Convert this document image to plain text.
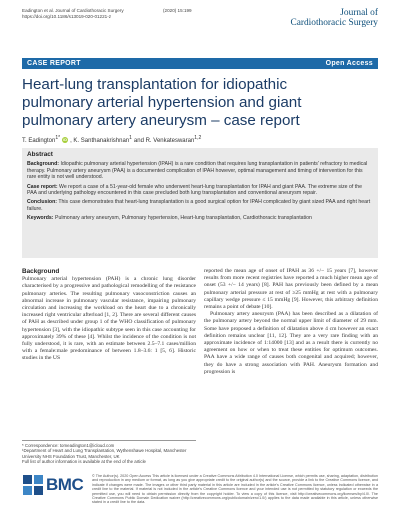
Eadington et al. Journal of Cardiothoracic Surgery
https://doi.org/10.1186/s13019-020-01221-z
(2020) 15:199	Journal of
Cardiothoracic Surgery
CASE REPORT	Open Access
Heart-lung transplantation for idiopathic pulmonary arterial hypertension and giant pulmonary artery aneurysm – case report
T. Eadington$^{1*}$ iD , K. Santhanakrishnan$^1$ and R. Venkateswaran$^{1,2}$
Abstract

Background: Idiopathic pulmonary arterial hypertension (IPAH) is a rare condition that requires lung transplantation in patients' refractory to medical therapy. Pulmonary artery aneurysm (PAA) is a documented complication of IPAH however, optimal management and timing of intervention for this rare entity is not well understood.

Case report: We report a case of a 51-year-old female who underwent heart-lung transplantation for IPAH and giant PAA. The extreme size of the PAA and underlying pathology encountered in this case precluded both lung transplantation and conventional aneurysm repair.

Conclusion: This case demonstrates that heart-lung transplantation is a good surgical option for IPAH complicated by giant sized PAA and right heart failure.

Keywords: Pulmonary artery aneurysm, Pulmonary hypertension, Heart-lung transplantation, Cardiothoracic transplantation

Background

Pulmonary arterial hypertension (PAH) is a chronic lung disorder characterised by a progressive and pathological remodelling of the resistance pulmonary arteries. The resulting pulmonary vasoconstriction causes an abnormal increase in pulmonary vascular resistance, impairing pulmonary circulation and increasing the workload on the heart due to a chronically increased right ventricular afterload [1, 2]. There are several different causes of PAH as described under group 1 of the WHO classification of pulmonary hypertension [3], with the idiopathic subtype seen in this case accounting for approximately 39% of these [4]. Whilst the incidence of the condition is not fully understood, it is rare, with an estimate between 2.5–7.1 cases/million with a female:male predominance of between 1.8–3.6: 1 [5, 6]. Historic studies in the US

reported the mean age of onset of IPAH as 36 +/− 15 years [7], however results from more recent registries have reported a much higher mean age of onset (53 +/− 14 years) [8]. PAH has previously been defined by a mean pulmonary arterial pressure at rest of ≥25 mmHg at rest with a pulmonary capillary wedge pressure ≤ 15 mmHg [9]. However, this arbitrary definition remains a point of debate [10].

Pulmonary artery aneurysm (PAA) has been described as a dilatation of the pulmonary artery beyond the normal upper limit of diameter of 29 mm. Some have proposed a definition of dilatation above 4 cm however an exact definition remains unclear [11, 12]. They are a very rare finding with an approximate incidence of 1:14000 [13] and as a result there is currently no agreement on how or when to treat these entities for optimum outcomes. PAA have a wide range of causes both congenital and acquired; however, they do have a strong association with PAH. Aneurysm formation and progression is

* Correspondence: tomeadington1@icloud.com
¹Department of Heart and Lung Transplantation, Wythenshawe Hospital, Manchester University NHS Foundation Trust, Manchester, UK
Full list of author information is available at the end of the article
BMC © The Author(s). 2020 Open Access This article is licensed under a Creative Commons Attribution 4.0 International License, which permits use, sharing, adaptation, distribution and reproduction in any medium or format, as long as you give appropriate credit to the original author(s) and the source, provide a link to the Creative Commons licence, and indicate if changes were made. The images or other third party material in this article are included in the article's Creative Commons licence, unless indicated otherwise in a credit line to the material. If material is not included in the article's Creative Commons licence and your intended use is not permitted by statutory regulation or exceeds the permitted use, you will need to obtain permission directly from the copyright holder. To view a copy of this licence, visit http://creativecommons.org/licenses/by/4.0/. The Creative Commons Public Domain Dedication waiver (http://creativecommons.org/publicdomain/zero/1.0/) applies to the data made available in this article, unless otherwise stated in a credit line to the data.
